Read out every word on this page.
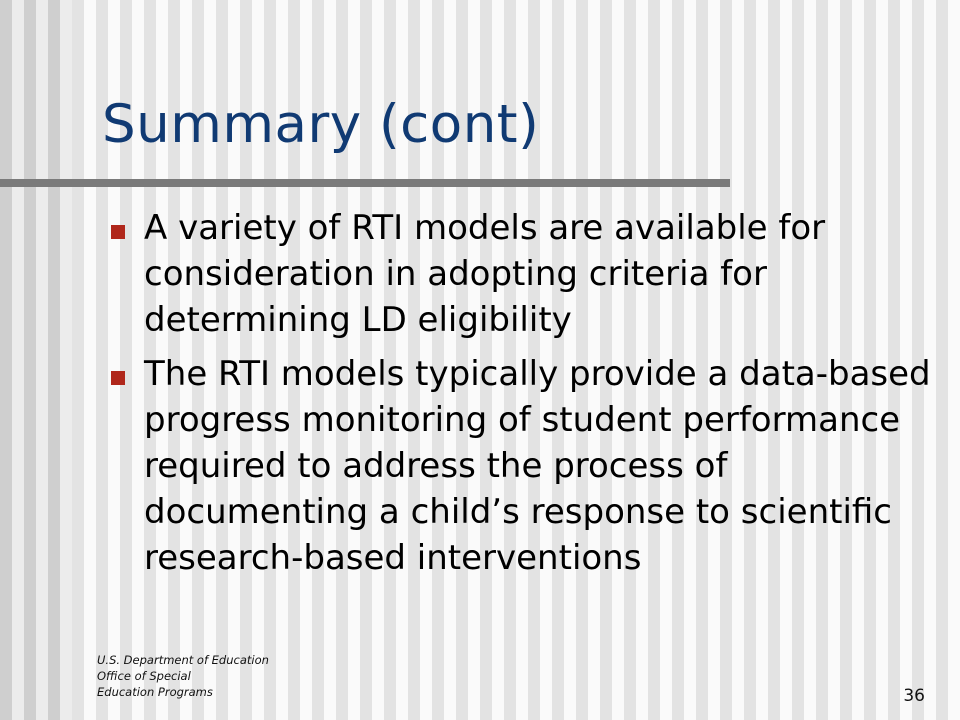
Summary (cont)
A variety of RTI models are available for consideration in adopting criteria for determining LD eligibility
The RTI models typically provide a data-based progress monitoring of student performance required to address the process of documenting a child’s response to scientific research-based interventions
U.S. Department of Education
Office of Special
Education Programs	36
